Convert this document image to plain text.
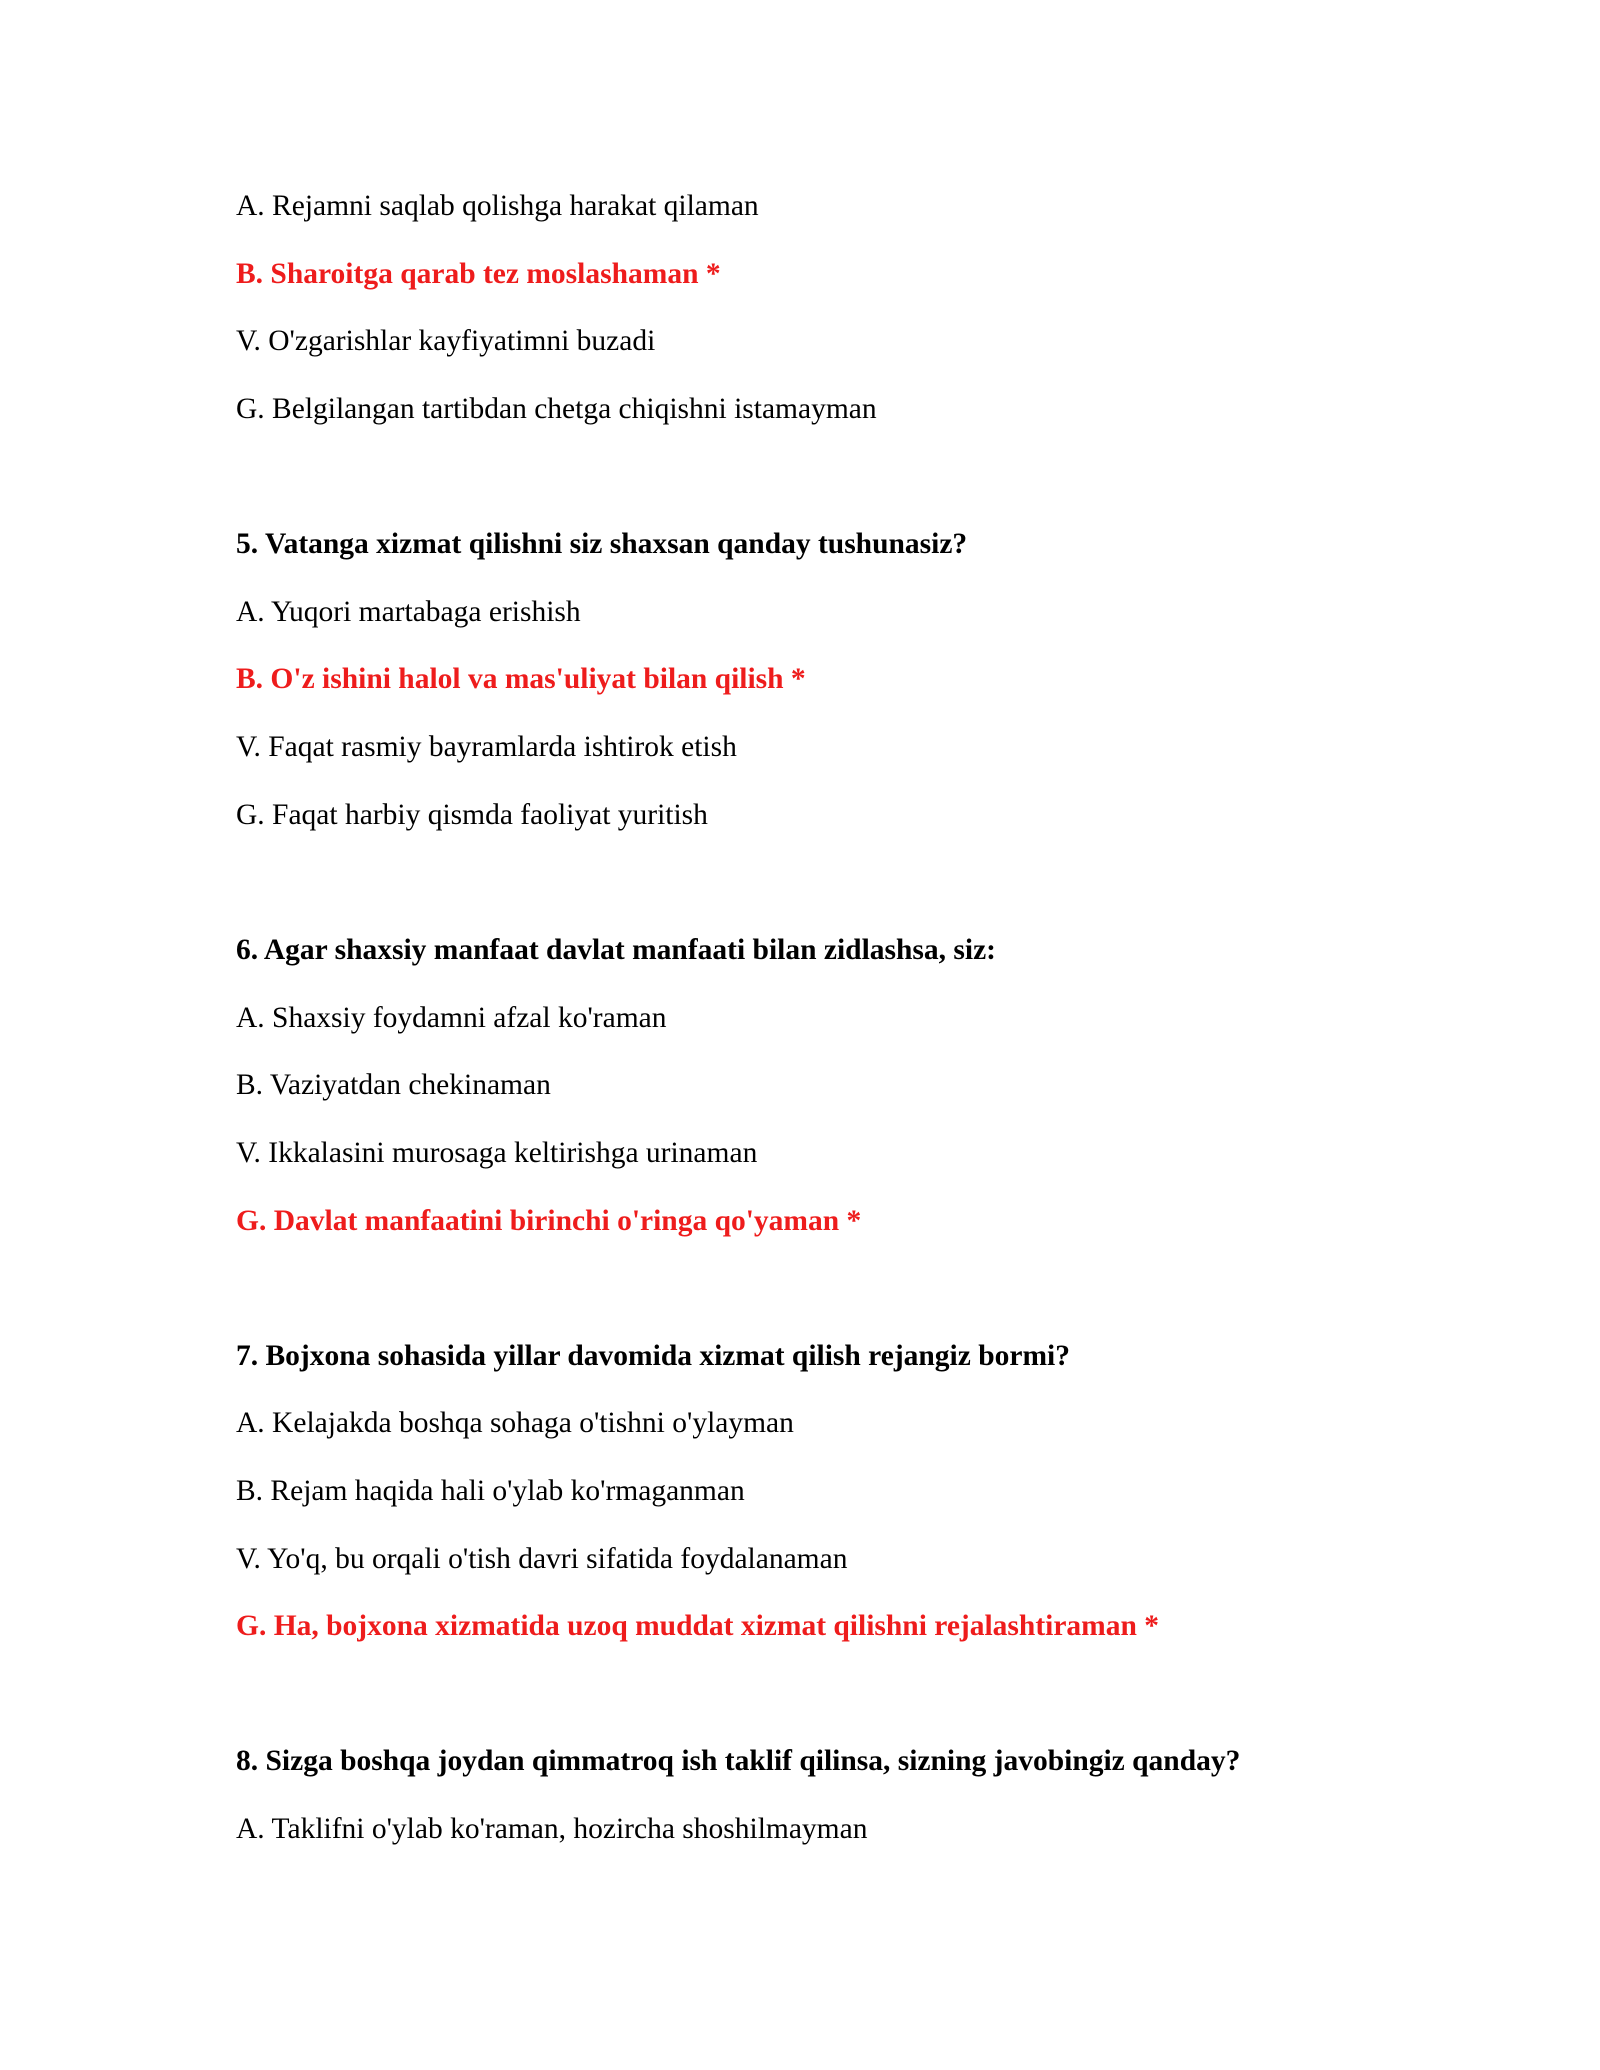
A. Rejamni saqlab qolishga harakat qilaman

B. Sharoitga qarab tez moslashaman *

V. O'zgarishlar kayfiyatimni buzadi

G. Belgilangan tartibdan chetga chiqishni istamayman

5. Vatanga xizmat qilishni siz shaxsan qanday tushunasiz?

A. Yuqori martabaga erishish

B. O'z ishini halol va mas'uliyat bilan qilish *

V. Faqat rasmiy bayramlarda ishtirok etish

G. Faqat harbiy qismda faoliyat yuritish

6. Agar shaxsiy manfaat davlat manfaati bilan zidlashsa, siz:

A. Shaxsiy foydamni afzal ko'raman

B. Vaziyatdan chekinaman

V. Ikkalasini murosaga keltirishga urinaman

G. Davlat manfaatini birinchi o'ringa qo'yaman *

7. Bojxona sohasida yillar davomida xizmat qilish rejangiz bormi?

A. Kelajakda boshqa sohaga o'tishni o'ylayman

B. Rejam haqida hali o'ylab ko'rmaganman

V. Yo'q, bu orqali o'tish davri sifatida foydalanaman

G. Ha, bojxona xizmatida uzoq muddat xizmat qilishni rejalashtiraman *

8. Sizga boshqa joydan qimmatroq ish taklif qilinsa, sizning javobingiz qanday?

A. Taklifni o'ylab ko'raman, hozircha shoshilmayman
